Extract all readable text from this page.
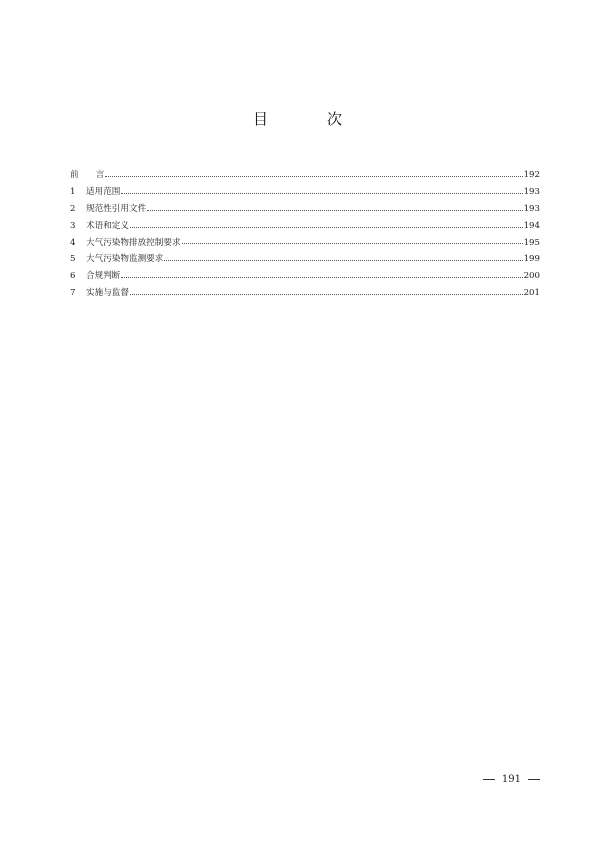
目　次
前　　言	192
1	适用范围	193
2	规范性引用文件	193
3	术语和定义	194
4	大气污染物排放控制要求	195
5	大气污染物监测要求	199
6	合规判断	200
7	实施与监督	201
191
